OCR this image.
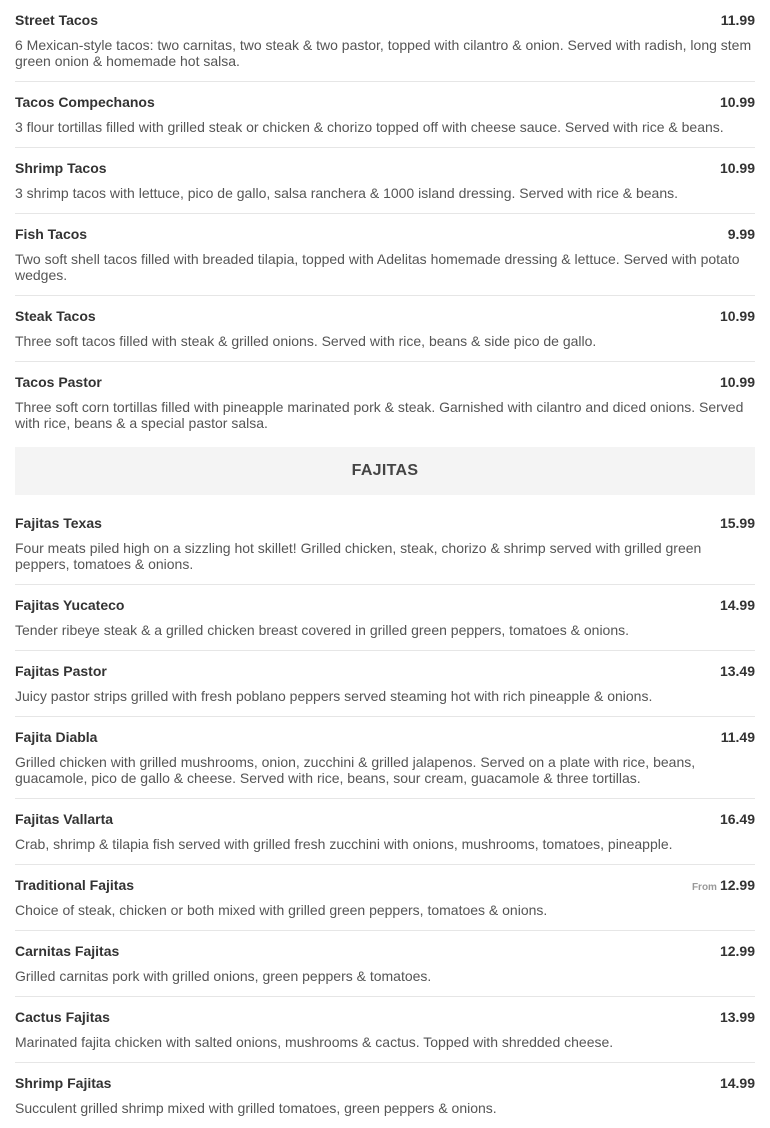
Street Tacos	11.99
6 Mexican-style tacos: two carnitas, two steak & two pastor, topped with cilantro & onion. Served with radish, long stem green onion & homemade hot salsa.
Tacos Compechanos	10.99
3 flour tortillas filled with grilled steak or chicken & chorizo topped off with cheese sauce. Served with rice & beans.
Shrimp Tacos	10.99
3 shrimp tacos with lettuce, pico de gallo, salsa ranchera & 1000 island dressing. Served with rice & beans.
Fish Tacos	9.99
Two soft shell tacos filled with breaded tilapia, topped with Adelitas homemade dressing & lettuce. Served with potato wedges.
Steak Tacos	10.99
Three soft tacos filled with steak & grilled onions. Served with rice, beans & side pico de gallo.
Tacos Pastor	10.99
Three soft corn tortillas filled with pineapple marinated pork & steak. Garnished with cilantro and diced onions. Served with rice, beans & a special pastor salsa.
FAJITAS
Fajitas Texas	15.99
Four meats piled high on a sizzling hot skillet! Grilled chicken, steak, chorizo & shrimp served with grilled green peppers, tomatoes & onions.
Fajitas Yucateco	14.99
Tender ribeye steak & a grilled chicken breast covered in grilled green peppers, tomatoes & onions.
Fajitas Pastor	13.49
Juicy pastor strips grilled with fresh poblano peppers served steaming hot with rich pineapple & onions.
Fajita Diabla	11.49
Grilled chicken with grilled mushrooms, onion, zucchini & grilled jalapenos. Served on a plate with rice, beans, guacamole, pico de gallo & cheese. Served with rice, beans, sour cream, guacamole & three tortillas.
Fajitas Vallarta	16.49
Crab, shrimp & tilapia fish served with grilled fresh zucchini with onions, mushrooms, tomatoes, pineapple.
Traditional Fajitas	From 12.99
Choice of steak, chicken or both mixed with grilled green peppers, tomatoes & onions.
Carnitas Fajitas	12.99
Grilled carnitas pork with grilled onions, green peppers & tomatoes.
Cactus Fajitas	13.99
Marinated fajita chicken with salted onions, mushrooms & cactus. Topped with shredded cheese.
Shrimp Fajitas	14.99
Succulent grilled shrimp mixed with grilled tomatoes, green peppers & onions.
